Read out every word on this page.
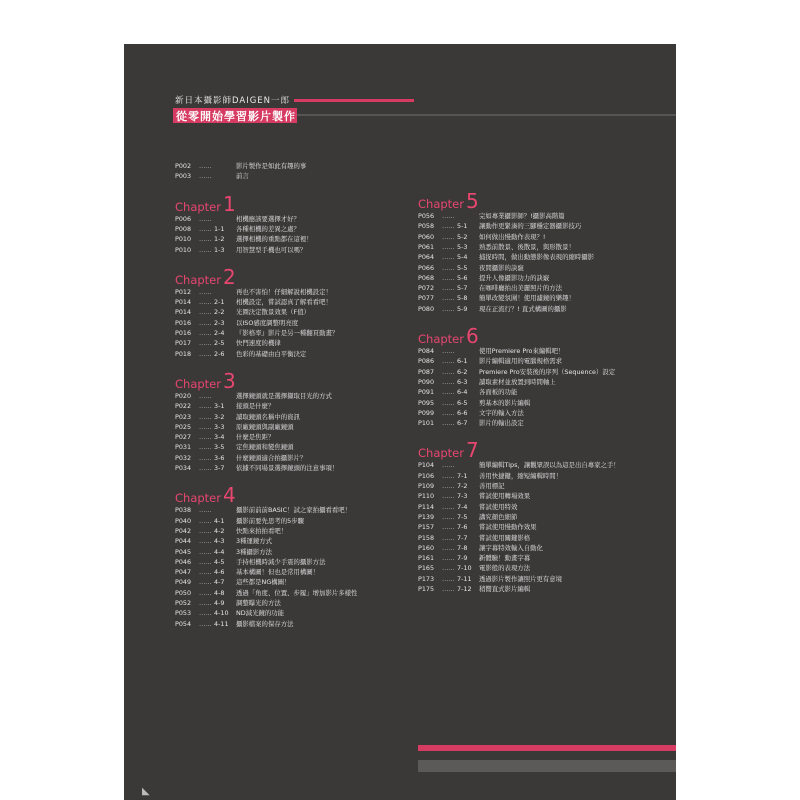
新日本攝影師DAIGEN一郎
從零開始學習影片製作
P002 ……	影片製作是如此有趣的事
P003 ……	前言
Chapter 1
P006 ……	相機應該要選擇才好？
P008 …… 1-1 各種相機的差異之處？
P010 …… 1-2 選擇相機的重點都在這裡！
P010 …… 1-3 用智慧型手機也可以嗎？
Chapter 2
P012 ……	再也不害怕！仔細解說相機設定！
P014 …… 2-1 相機設定，嘗試認真了解看看吧！
P014 …… 2-2 光圈決定散景效果（F值）
P016 …… 2-3 以ISO感度調整明亮度
P016 …… 2-4 『影格率』影片是另一種翻頁動畫？
P017 …… 2-5 快門速度的機律
P018 …… 2-6 色彩的基礎由白平衡決定
Chapter 3
P020 ……	選擇鏡頭就是選擇擷取目光的方式
P022 …… 3-1 接頭是什麼？
P023 …… 3-2 讀取鏡頭名稱中的資訊
P025 …… 3-3 原廠鏡頭與副廠鏡頭
P027 …… 3-4 什麼是焦距？
P031 …… 3-5 定焦鏡頭和變焦鏡頭
P032 …… 3-6 什麼鏡頭適合拍攝影片？
P034 …… 3-7 依據不同場景選擇鏡頭的注意事項！
Chapter 4
P038 ……	攝影前前前BASIC！試之家拍攝看看吧！
P040 …… 4-1 攝影前要先思考的5步驟
P042 …… 4-2 快點來拍拍看吧！
P044 …… 4-3 3種運鏡方式
P045 …… 4-4 3種攝影方法
P046 …… 4-5 手持相機時減少手震的攝影方法
P047 …… 4-6 基本構圖！但也是常用構圖！
P049 …… 4-7 這些都是NG構圖！
P050 …… 4-8 透過「角度、位置、步履」增加影片多樣性
P052 …… 4-9 調整曝光的方法
P053 …… 4-10 ND減光鏡的功能
P054 …… 4-11 攝影檔案的保存方法
Chapter 5
P056 ……	完如專業攝影師？!攝影高階篇
P058 …… 5-1 讓動作更緊湊的三腳穩定器攝影技巧
P060 …… 5-2 如何做出慢動作表現？!
P061 …… 5-3 熟悉前散景、後散景，與形散景！
P064 …… 5-4 捕捉時間，做出動態影像表現的縮時攝影
P066 …… 5-5 夜間攝影的訣竅
P068 …… 5-6 提升人像攝影功力的訣竅
P072 …… 5-7 在咖啡廳拍出美麗照片的方法
P077 …… 5-8 簡單改變氛圍！使用濾鏡的樂趣！
P080 …… 5-9 現在正流行？! 直式構圖的攝影
Chapter 6
P084 ……	使用Premiere Pro來編輯吧！
P086 …… 6-1 影片編輯適用的電腦規格需求
P087 …… 6-2 Premiere Pro安裝後的序列（Sequence）設定
P090 …… 6-3 讀取素材並放置到時間軸上
P091 …… 6-4 各面板的功能
P095 …… 6-5 剪基本的影片編輯
P099 …… 6-6 文字的輸入方法
P101 …… 6-7 影片的輸出設定
Chapter 7
P104 ……	簡單編輯Tips，讓觀眾誤以為這是出自專家之手！
P106 …… 7-1 善用快捷鍵，縮短編輯時間！
P109 …… 7-2 善用標記
P110 …… 7-3 嘗試使用轉場效果
P114 …… 7-4 嘗試使用特效
P139 …… 7-5 講究顏色細節
P157 …… 7-6 嘗試使用慢動作效果
P158 …… 7-7 嘗試使用關鍵影格
P160 …… 7-8 讓字幕特效輸入自動化
P161 …… 7-9 新體驗！動畫字幕
P165 …… 7-10 電影般的表現方法
P173 …… 7-11 透過影片製作讓照片更有意境
P175 …… 7-12 稍嚮直式影片編輯
◣
